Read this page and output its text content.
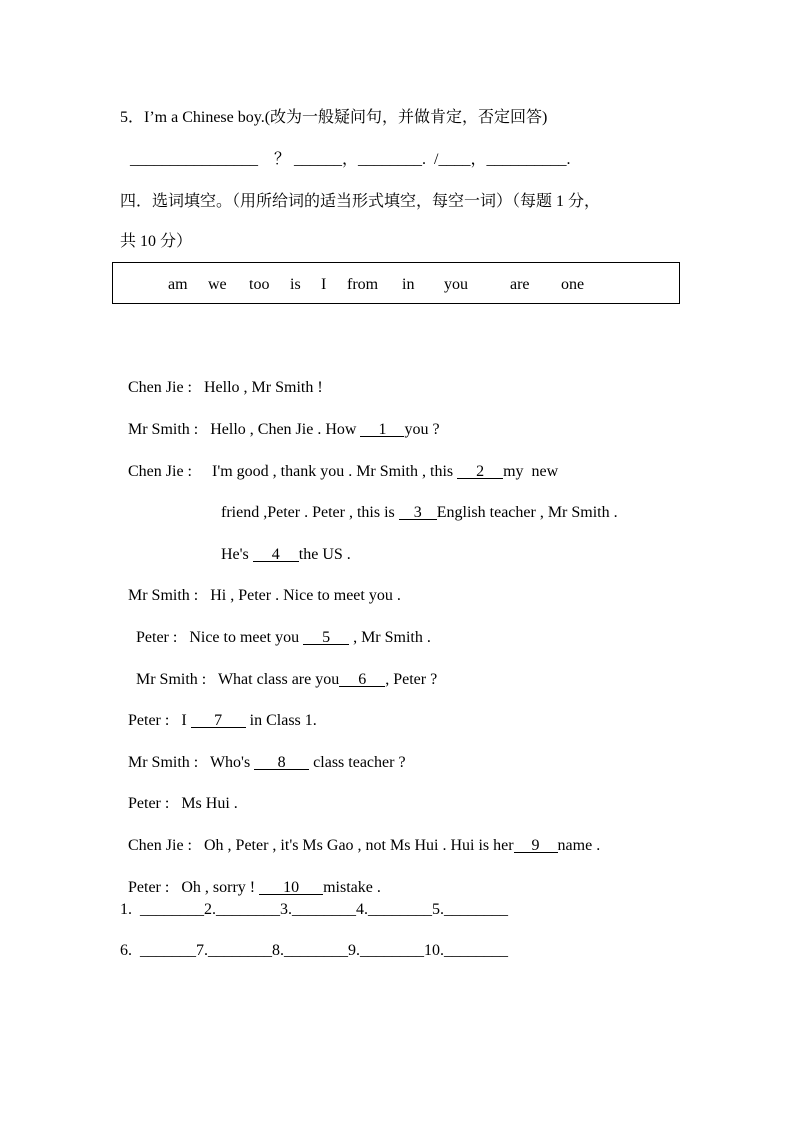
5．I’m a Chinese boy.(改为一般疑问句，并做肯定，否定回答)
________________    ？ ______，________.  /____，__________.
四．选词填空。（用所给词的适当形式填空，每空一词）（每题 1 分，
共 10 分）
am we too is I from in you	are one

Chen Jie : Hello , Mr Smith !

Mr Smith : Hello , Chen Jie . How 1 you ?

Chen Jie : I'm good , thank you . Mr Smith , this 2 my  new

friend ,Peter . Peter , this is 3 English teacher , Mr Smith .

He's 4 the US .

Mr Smith : Hi , Peter . Nice to meet you .

Peter : Nice to meet you 5 , Mr Smith .

Mr Smith : What class are you 6 , Peter ?

Peter : I 7 in Class 1.

Mr Smith : Who's 8 class teacher ?

Peter : Ms Hui .

Chen Jie : Oh , Peter , it's Ms Gao , not Ms Hui . Hui is her 9 name .

Peter : Oh , sorry ! 10 mistake .

1.  ________2.________3.________4.________5.________
6.  _______7.________8.________9.________10.________
